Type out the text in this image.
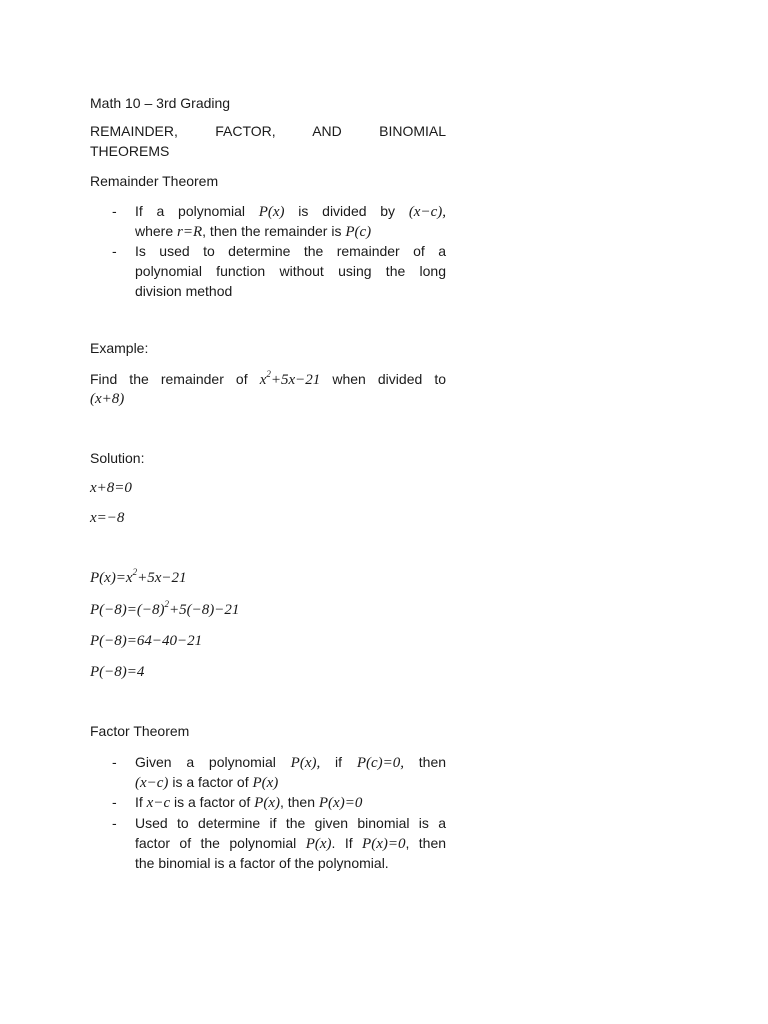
Math 10 – 3rd Grading
REMAINDER,	FACTOR,	AND	BINOMIAL
THEOREMS
Remainder Theorem
- If a polynomial P(x) is divided by (x−c),
where r=R, then the remainder is P(c)
- Is used to determine the remainder of a
polynomial function without using the long
division method
Example:
Find the remainder of $x^2+5x-21$ when divided to
(x+8)
Solution:
x+8=0
x=−8
$P(x)=x^2+5x-21$
$P(-8)=(-8)^2+5(-8)-21$
P(−8)=64−40−21
P(−8)=4
Factor Theorem
- Given a polynomial P(x), if P(c)=0, then
(x−c) is a factor of P(x)
- If x−c is a factor of P(x), then P(x)=0
- Used to determine if the given binomial is a
factor of the polynomial P(x). If P(x)=0, then
the binomial is a factor of the polynomial.
